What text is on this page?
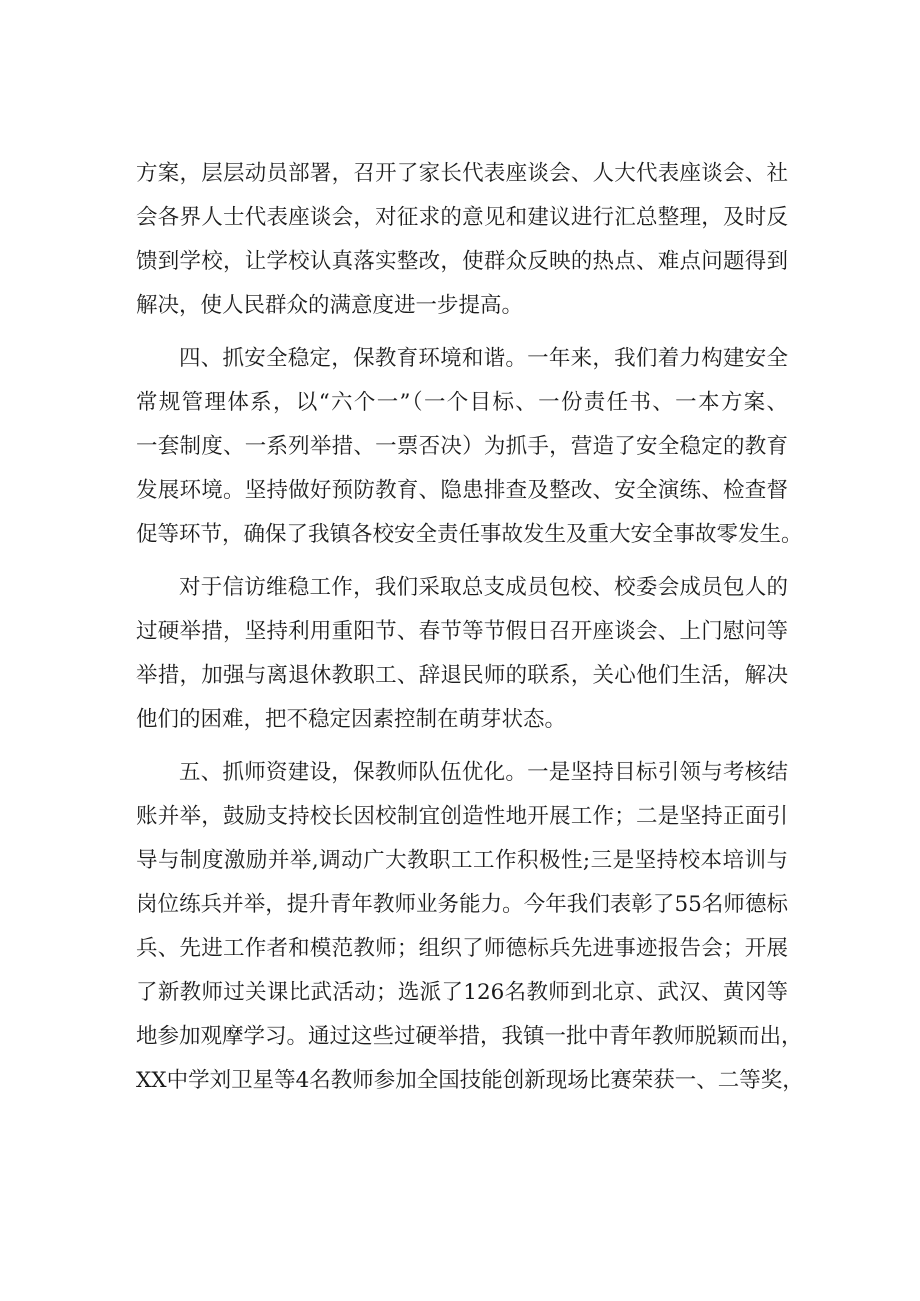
方案，层层动员部署，召开了家长代表座谈会、人大代表座谈会、社
会各界人士代表座谈会，对征求的意见和建议进行汇总整理，及时反
馈到学校，让学校认真落实整改，使群众反映的热点、难点问题得到
解决，使人民群众的满意度进一步提高。
四、抓安全稳定，保教育环境和谐。一年来，我们着力构建安全
常规管理体系，以“六个一”（一个目标、一份责任书、一本方案、
一套制度、一系列举措、一票否决）为抓手，营造了安全稳定的教育
发展环境。坚持做好预防教育、隐患排查及整改、安全演练、检查督
促等环节，确保了我镇各校安全责任事故发生及重大安全事故零发生。
对于信访维稳工作，我们采取总支成员包校、校委会成员包人的
过硬举措，坚持利用重阳节、春节等节假日召开座谈会、上门慰问等
举措，加强与离退休教职工、辞退民师的联系，关心他们生活，解决
他们的困难，把不稳定因素控制在萌芽状态。
五、抓师资建设，保教师队伍优化。一是坚持目标引领与考核结
账并举，鼓励支持校长因校制宜创造性地开展工作；二是坚持正面引
导与制度激励并举,调动广大教职工工作积极性;三是坚持校本培训与
岗位练兵并举，提升青年教师业务能力。今年我们表彰了55名师德标
兵、先进工作者和模范教师；组织了师德标兵先进事迹报告会；开展
了新教师过关课比武活动；选派了126名教师到北京、武汉、黄冈等
地参加观摩学习。通过这些过硬举措，我镇一批中青年教师脱颖而出，
XX中学刘卫星等4名教师参加全国技能创新现场比赛荣获一、二等奖，
